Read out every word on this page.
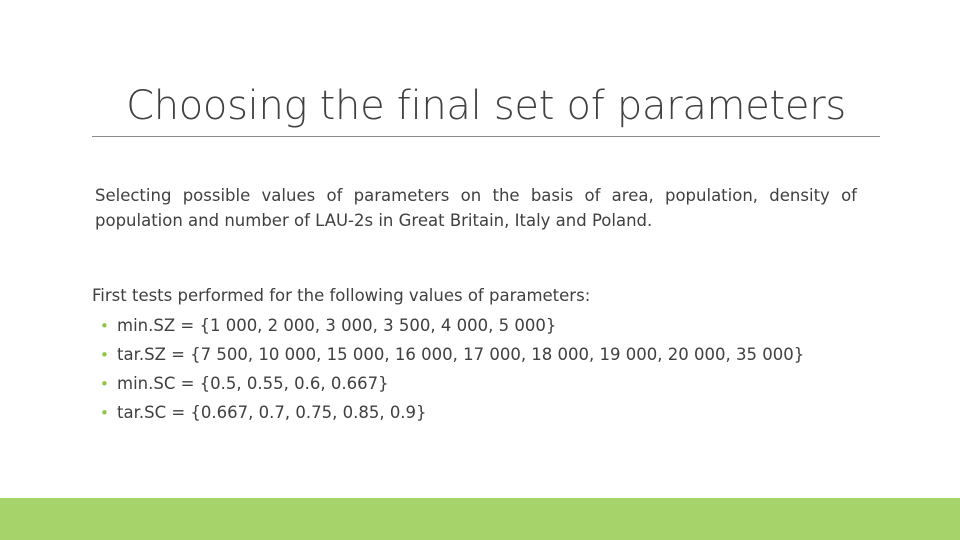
Choosing the final set of parameters
Selecting possible values of parameters on the basis of area, population, density of population and number of LAU-2s in Great Britain, Italy and Poland.
First tests performed for the following values of parameters:
• min.SZ = {1 000, 2 000, 3 000, 3 500, 4 000, 5 000}
• tar.SZ = {7 500, 10 000, 15 000, 16 000, 17 000, 18 000, 19 000, 20 000, 35 000}
• min.SC = {0.5, 0.55, 0.6, 0.667}
• tar.SC = {0.667, 0.7, 0.75, 0.85, 0.9}
